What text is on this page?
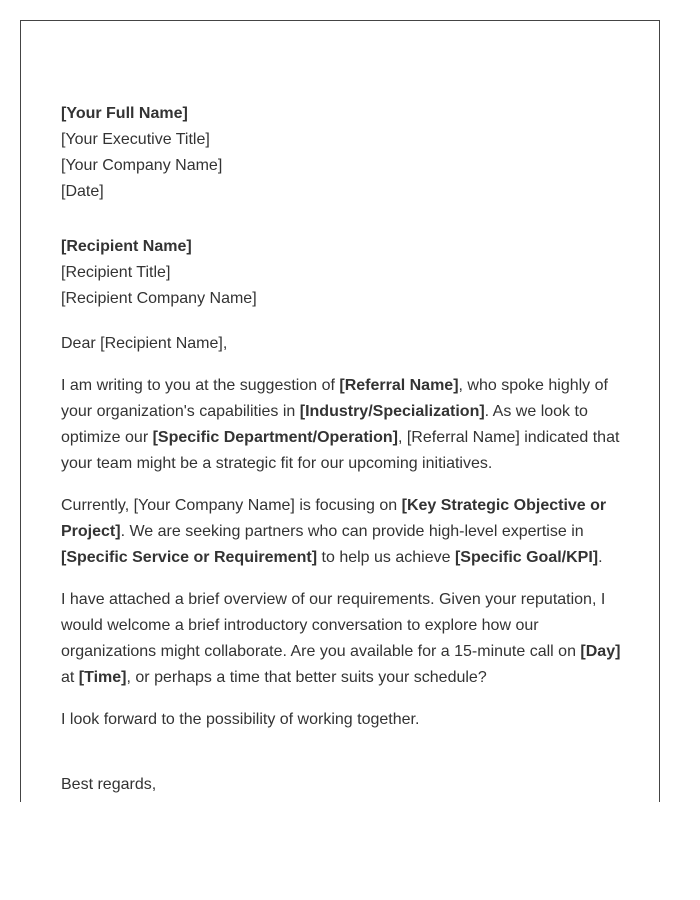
[Your Full Name]
[Your Executive Title]
[Your Company Name]
[Date]
[Recipient Name]
[Recipient Title]
[Recipient Company Name]
Dear [Recipient Name],
I am writing to you at the suggestion of [Referral Name], who spoke highly of
your organization's capabilities in [Industry/Specialization]. As we look to
optimize our [Specific Department/Operation], [Referral Name] indicated that
your team might be a strategic fit for our upcoming initiatives.
Currently, [Your Company Name] is focusing on [Key Strategic Objective or
Project]. We are seeking partners who can provide high-level expertise in
[Specific Service or Requirement] to help us achieve [Specific Goal/KPI].
I have attached a brief overview of our requirements. Given your reputation, I
would welcome a brief introductory conversation to explore how our
organizations might collaborate. Are you available for a 15-minute call on [Day]
at [Time], or perhaps a time that better suits your schedule?
I look forward to the possibility of working together.
Best regards,
